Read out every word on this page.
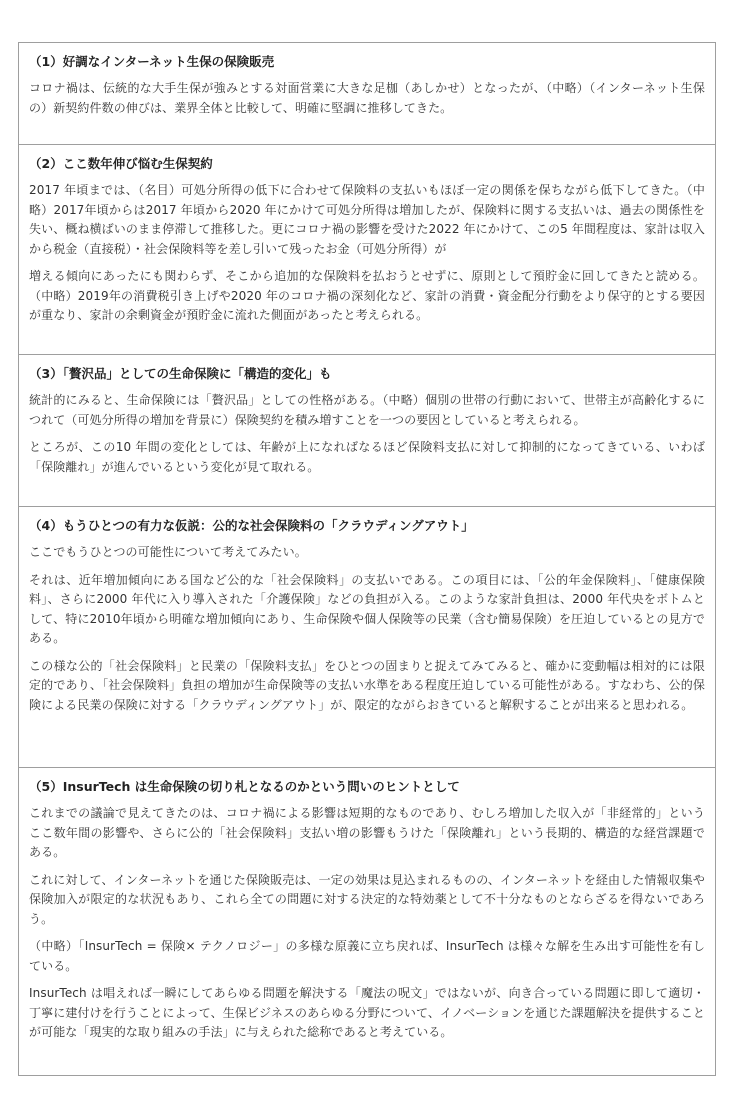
（1）好調なインターネット生保の保険販売

コロナ禍は、伝統的な大手生保が強みとする対面営業に大きな足枷（あしかせ）となったが、（中略）（インターネット生保の）新契約件数の伸びは、業界全体と比較して、明確に堅調に推移してきた。

（2）ここ数年伸び悩む生保契約

2017 年頃までは、（名目）可処分所得の低下に合わせて保険料の支払いもほぼ一定の関係を保ちながら低下してきた。（中略）2017年頃からは2017 年頃から2020 年にかけて可処分所得は増加したが、保険料に関する支払いは、過去の関係性を失い、概ね横ばいのまま停滞して推移した。更にコロナ禍の影響を受けた2022 年にかけて、この5 年間程度は、家計は収入から税金（直接税）・社会保険料等を差し引いて残ったお金（可処分所得）が

増える傾向にあったにも関わらず、そこから追加的な保険料を払おうとせずに、原則として預貯金に回してきたと読める。（中略）2019年の消費税引き上げや2020 年のコロナ禍の深刻化など、家計の消費・資金配分行動をより保守的とする要因が重なり、家計の余剰資金が預貯金に流れた側面があったと考えられる。

（3）「贅沢品」としての生命保険に「構造的変化」も

統計的にみると、生命保険には「贅沢品」としての性格がある。（中略）個別の世帯の行動において、世帯主が高齢化するにつれて（可処分所得の増加を背景に）保険契約を積み増すことを一つの要因としていると考えられる。

ところが、この10 年間の変化としては、年齢が上になればなるほど保険料支払に対して抑制的になってきている、いわば「保険離れ」が進んでいるという変化が見て取れる。

（4）もうひとつの有力な仮説：公的な社会保険料の「クラウディングアウト」

ここでもうひとつの可能性について考えてみたい。

それは、近年増加傾向にある国など公的な「社会保険料」の支払いである。この項目には、「公的年金保険料」、「健康保険料」、さらに2000 年代に入り導入された「介護保険」などの負担が入る。このような家計負担は、2000 年代央をボトムとして、特に2010年頃から明確な増加傾向にあり、生命保険や個人保険等の民業（含む簡易保険）を圧迫しているとの見方である。

この様な公的「社会保険料」と民業の「保険料支払」をひとつの固まりと捉えてみてみると、確かに変動幅は相対的には限定的であり、「社会保険料」負担の増加が生命保険等の支払い水準をある程度圧迫している可能性がある。すなわち、公的保険による民業の保険に対する「クラウディングアウト」が、限定的ながらおきていると解釈することが出来ると思われる。

（5）InsurTech は生命保険の切り札となるのかという問いのヒントとして

これまでの議論で見えてきたのは、コロナ禍による影響は短期的なものであり、むしろ増加した収入が「非経常的」というここ数年間の影響や、さらに公的「社会保険料」支払い増の影響もうけた「保険離れ」という長期的、構造的な経営課題である。

これに対して、インターネットを通じた保険販売は、一定の効果は見込まれるものの、インターネットを経由した情報収集や保険加入が限定的な状況もあり、これら全ての問題に対する決定的な特効薬として不十分なものとならざるを得ないであろう。

（中略）「InsurTech = 保険× テクノロジー」の多様な原義に立ち戻れば、InsurTech は様々な解を生み出す可能性を有している。

InsurTech は唱えれば一瞬にしてあらゆる問題を解決する「魔法の呪文」ではないが、向き合っている問題に即して適切・丁寧に建付けを行うことによって、生保ビジネスのあらゆる分野について、イノベーションを通じた課題解決を提供することが可能な「現実的な取り組みの手法」に与えられた総称であると考えている。
